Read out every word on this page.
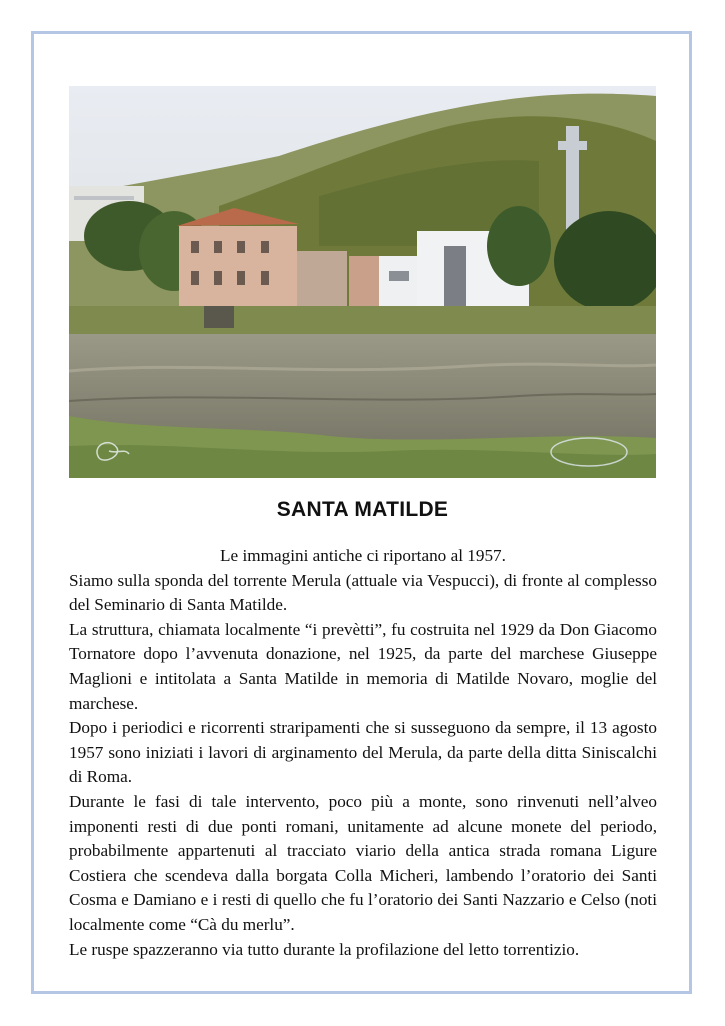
SANTA MATILDE

Le immagini antiche ci riportano al 1957.

Siamo sulla sponda del torrente Merula (attuale via Vespucci), di fronte al complesso del Seminario di Santa Matilde.

La struttura, chiamata localmente “i prevètti”, fu costruita nel 1929 da Don Giacomo Tornatore dopo l’avvenuta donazione, nel 1925, da parte del marchese Giuseppe Maglioni e intitolata a Santa Matilde in memoria di Matilde Novaro, moglie del marchese.

Dopo i periodici e ricorrenti straripamenti che si susseguono da sempre, il 13 agosto 1957 sono iniziati i lavori di arginamento del Merula, da parte della ditta Siniscalchi di Roma.

Durante le fasi di tale intervento, poco più a monte, sono rinvenuti nell’alveo imponenti resti di due ponti romani, unitamente ad alcune monete del periodo, probabilmente appartenuti al tracciato viario della antica strada romana Ligure Costiera che scendeva dalla borgata Colla Micheri, lambendo l’oratorio dei Santi Cosma e Damiano e i resti di quello che fu l’oratorio dei Santi Nazzario e Celso (noti localmente come “Cà du merlu”.

Le ruspe spazzeranno via tutto durante la profilazione del letto torrentizio.
